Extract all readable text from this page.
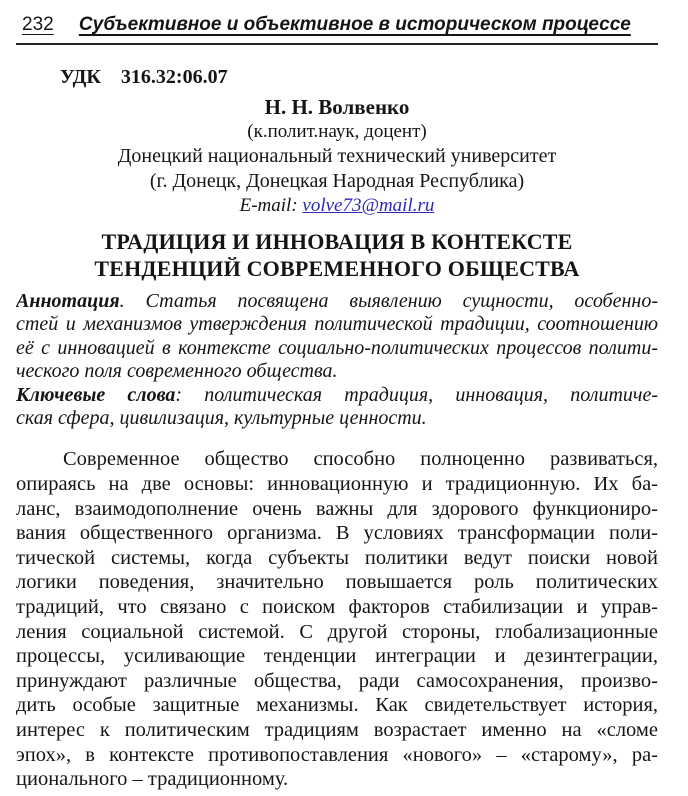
232	Субъективное и объективное в историческом процессе
УДК 316.32:06.07
Н. Н. Волвенко
(к.полит.наук, доцент)
Донецкий национальный технический университет
(г. Донецк, Донецкая Народная Республика)
E-mail: volve73@mail.ru
ТРАДИЦИЯ И ИННОВАЦИЯ В КОНТЕКСТЕ
ТЕНДЕНЦИЙ СОВРЕМЕННОГО ОБЩЕСТВА
Аннотация. Статья посвящена выявлению сущности, особенно-
стей и механизмов утверждения политической традиции, соотношению
её с инновацией в контексте социально-политических процессов полити-
ческого поля современного общества.
Ключевые слова: политическая традиция, инновация, политиче-
ская сфера, цивилизация, культурные ценности.
Современное общество способно полноценно развиваться,
опираясь на две основы: инновационную и традиционную. Их ба-
ланс, взаимодополнение очень важны для здорового функциониро-
вания общественного организма. В условиях трансформации поли-
тической системы, когда субъекты политики ведут поиски новой
логики поведения, значительно повышается роль политических
традиций, что связано с поиском факторов стабилизации и управ-
ления социальной системой. С другой стороны, глобализационные
процессы, усиливающие тенденции интеграции и дезинтеграции,
принуждают различные общества, ради самосохранения, произво-
дить особые защитные механизмы. Как свидетельствует история,
интерес к политическим традициям возрастает именно на «сломе
эпох», в контексте противопоставления «нового» – «старому», ра-
ционального – традиционному.
